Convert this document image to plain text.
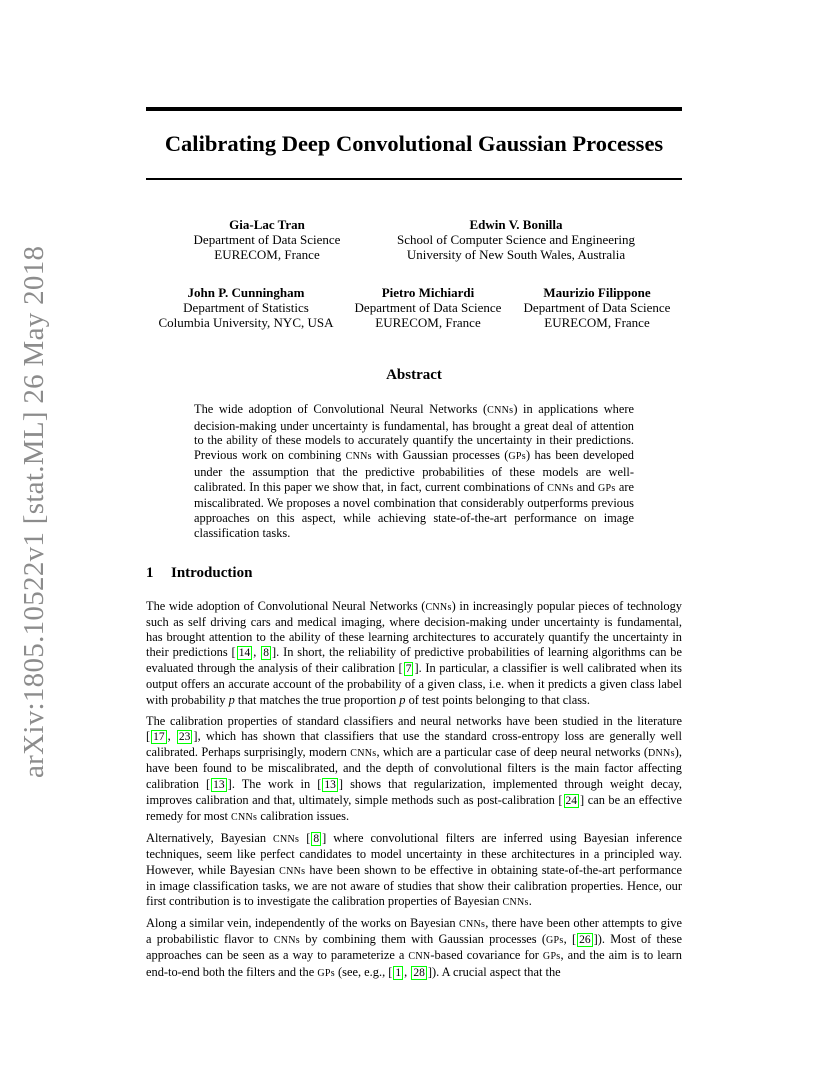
arXiv:1805.10522v1 [stat.ML] 26 May 2018
Calibrating Deep Convolutional Gaussian Processes
Gia-Lac Tran
Department of Data Science
EURECOM, France
Edwin V. Bonilla
School of Computer Science and Engineering
University of New South Wales, Australia
John P. Cunningham
Department of Statistics
Columbia University, NYC, USA
Pietro Michiardi
Department of Data Science
EURECOM, France
Maurizio Filippone
Department of Data Science
EURECOM, France
Abstract
The wide adoption of Convolutional Neural Networks (CNNs) in applications where decision-making under uncertainty is fundamental, has brought a great deal of attention to the ability of these models to accurately quantify the uncertainty in their predictions. Previous work on combining CNNs with Gaussian processes (GPs) has been developed under the assumption that the predictive probabilities of these models are well-calibrated. In this paper we show that, in fact, current combinations of CNNs and GPs are miscalibrated. We proposes a novel combination that considerably outperforms previous approaches on this aspect, while achieving state-of-the-art performance on image classification tasks.
1 Introduction

The wide adoption of Convolutional Neural Networks (CNNs) in increasingly popular pieces of technology such as self driving cars and medical imaging, where decision-making under uncertainty is fundamental, has brought attention to the ability of these learning architectures to accurately quantify the uncertainty in their predictions [ 14 , 8 ]. In short, the reliability of predictive probabilities of learning algorithms can be evaluated through the analysis of their calibration [ 7 ]. In particular, a classifier is well calibrated when its output offers an accurate account of the probability of a given class, i.e. when it predicts a given class label with probability p that matches the true proportion p of test points belonging to that class.

The calibration properties of standard classifiers and neural networks have been studied in the literature [ 17 , 23 ], which has shown that classifiers that use the standard cross-entropy loss are generally well calibrated. Perhaps surprisingly, modern CNNs, which are a particular case of deep neural networks (DNNs), have been found to be miscalibrated, and the depth of convolutional filters is the main factor affecting calibration [ 13 ]. The work in [ 13 ] shows that regularization, implemented through weight decay, improves calibration and that, ultimately, simple methods such as post-calibration [ 24 ] can be an effective remedy for most CNNs calibration issues.

Alternatively, Bayesian CNNs [ 8 ] where convolutional filters are inferred using Bayesian inference techniques, seem like perfect candidates to model uncertainty in these architectures in a principled way. However, while Bayesian CNNs have been shown to be effective in obtaining state-of-the-art performance in image classification tasks, we are not aware of studies that show their calibration properties. Hence, our first contribution is to investigate the calibration properties of Bayesian CNNs.

Along a similar vein, independently of the works on Bayesian CNNs, there have been other attempts to give a probabilistic flavor to CNNs by combining them with Gaussian processes (GPs, [ 26 ]). Most of these approaches can be seen as a way to parameterize a CNN-based covariance for GPs, and the aim is to learn end-to-end both the filters and the GPs (see, e.g., [ 1 , 28 ]). A crucial aspect that the
